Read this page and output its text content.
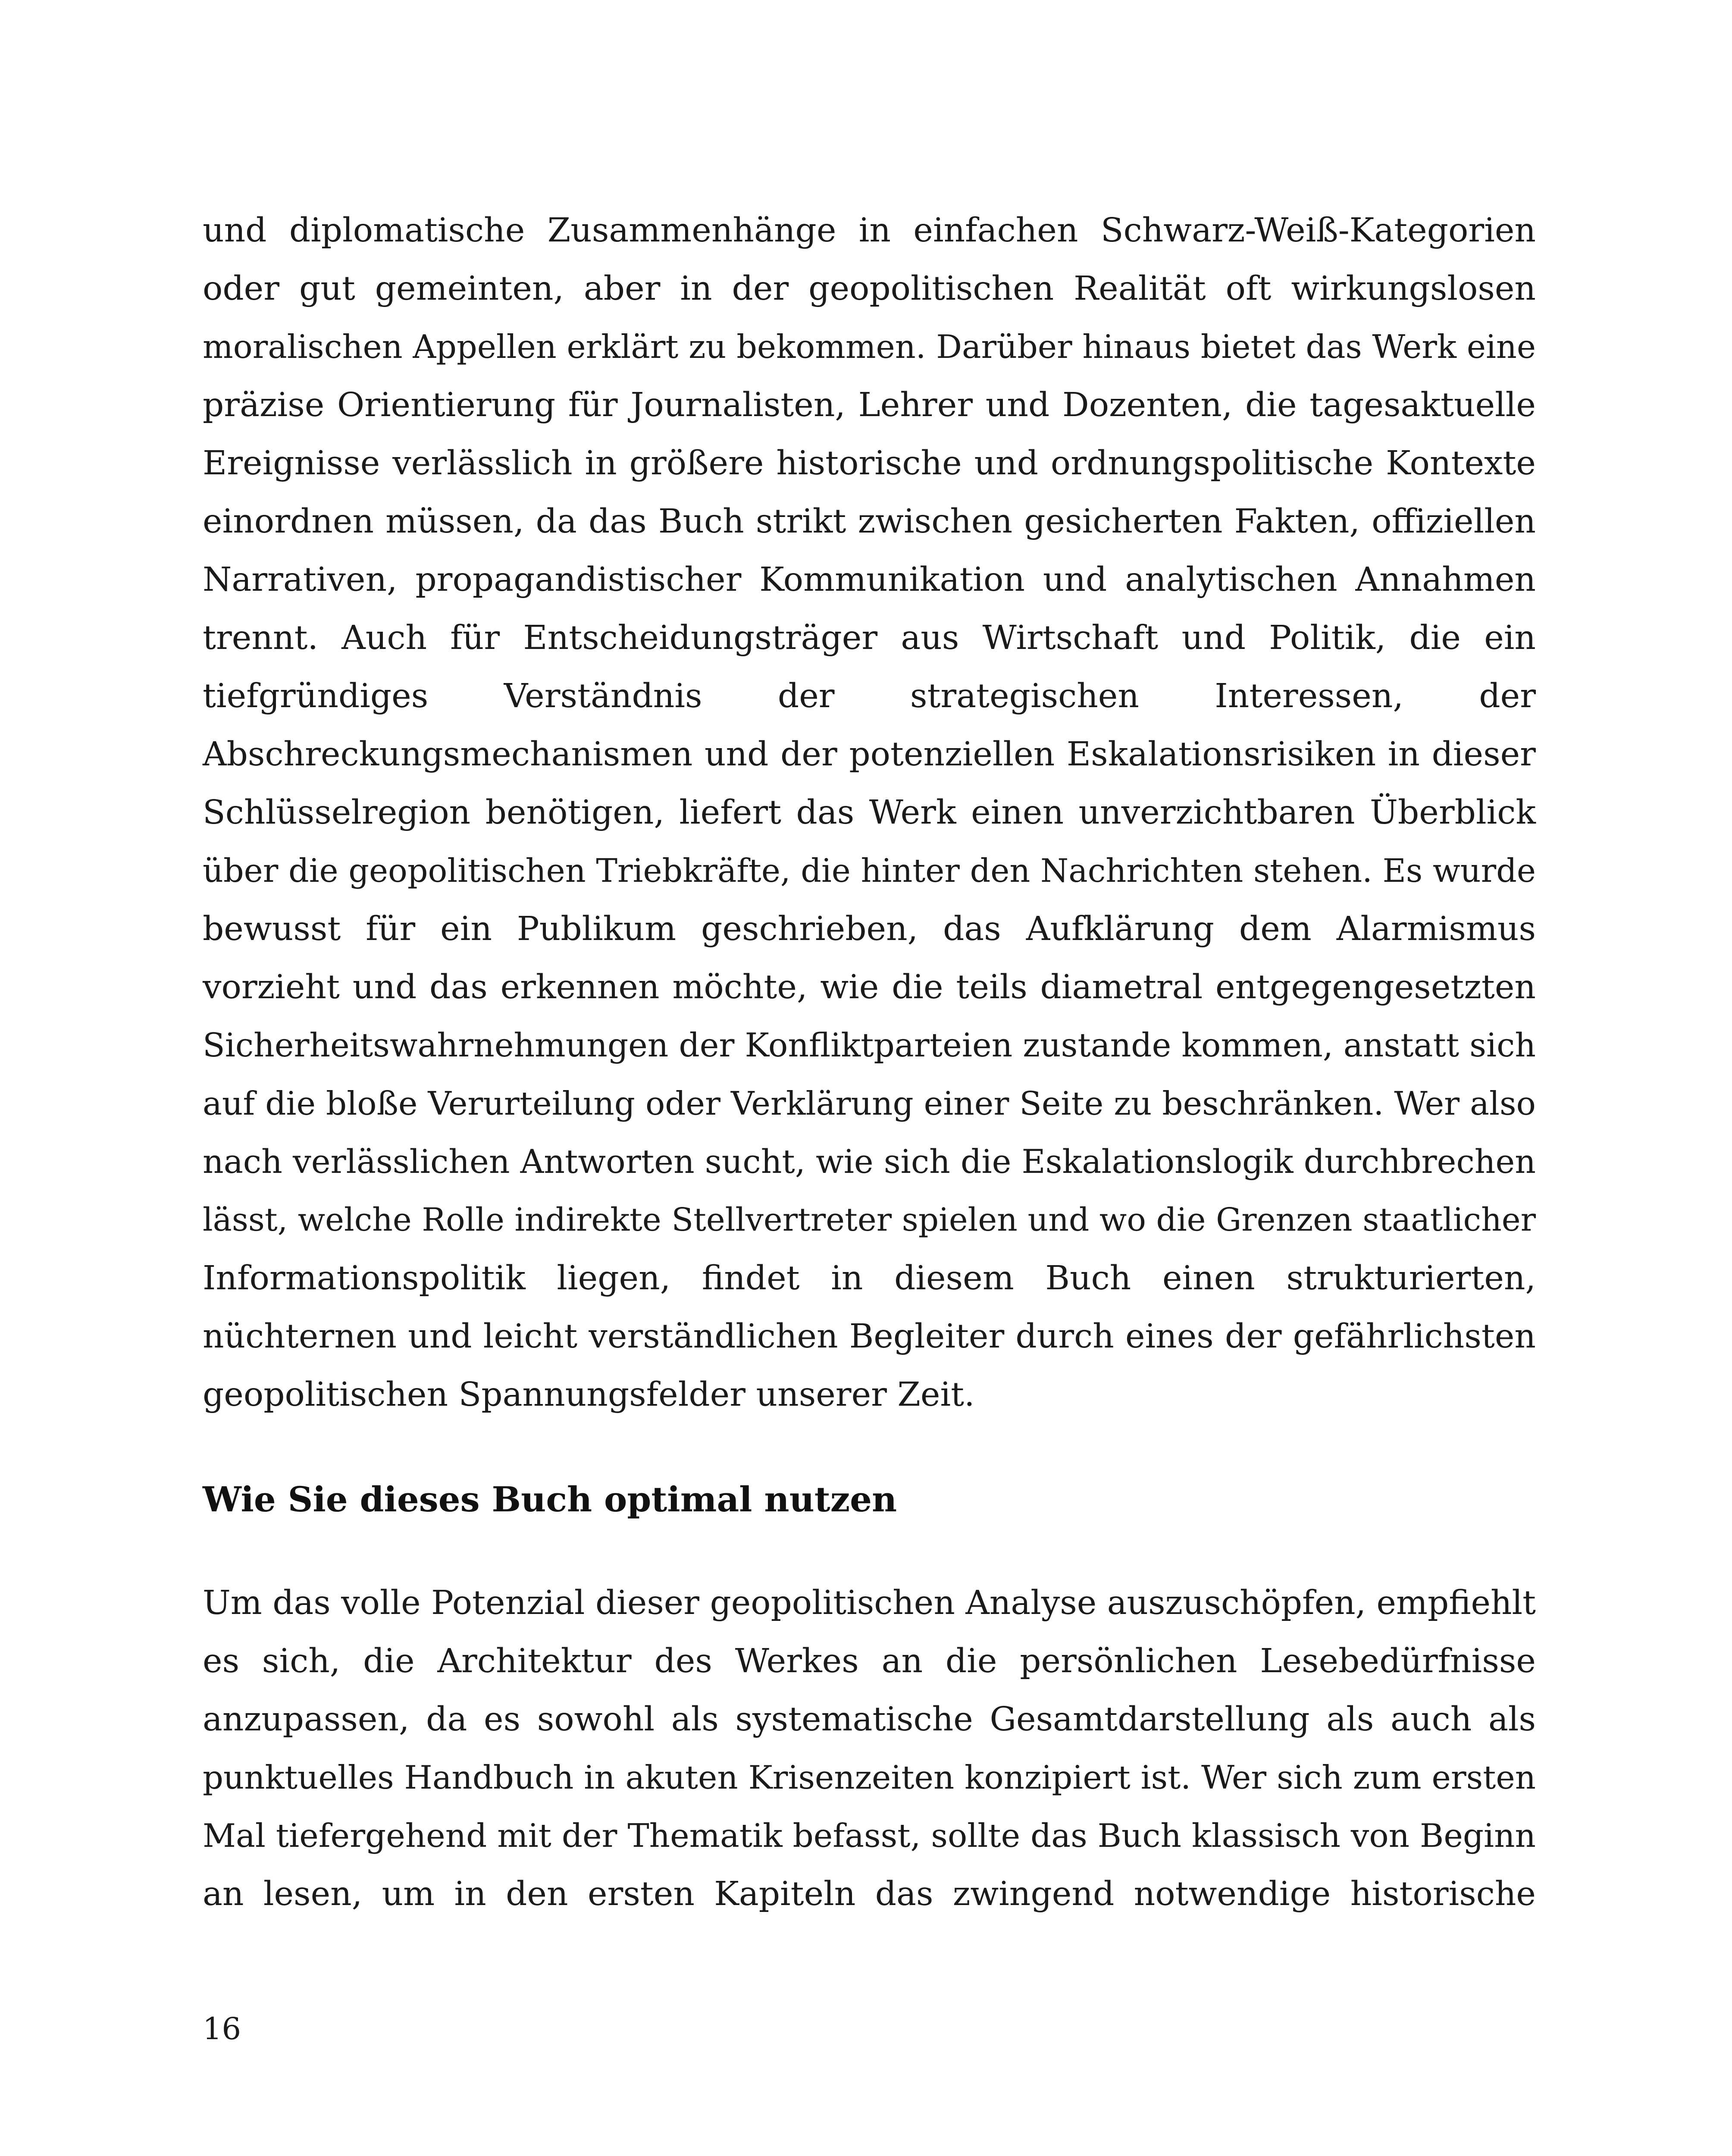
und diplomatische Zusammenhänge in einfachen Schwarz-Weiß-Kategorien
oder gut gemeinten, aber in der geopolitischen Realität oft wirkungslosen
moralischen Appellen erklärt zu bekommen. Darüber hinaus bietet das Werk eine
präzise Orientierung für Journalisten, Lehrer und Dozenten, die tagesaktuelle
Ereignisse verlässlich in größere historische und ordnungspolitische Kontexte
einordnen müssen, da das Buch strikt zwischen gesicherten Fakten, offiziellen
Narrativen, propagandistischer Kommunikation und analytischen Annahmen
trennt. Auch für Entscheidungsträger aus Wirtschaft und Politik, die ein
tiefgründiges Verständnis der strategischen Interessen, der
Abschreckungsmechanismen und der potenziellen Eskalationsrisiken in dieser
Schlüsselregion benötigen, liefert das Werk einen unverzichtbaren Überblick
über die geopolitischen Triebkräfte, die hinter den Nachrichten stehen. Es wurde
bewusst für ein Publikum geschrieben, das Aufklärung dem Alarmismus
vorzieht und das erkennen möchte, wie die teils diametral entgegengesetzten
Sicherheitswahrnehmungen der Konfliktparteien zustande kommen, anstatt sich
auf die bloße Verurteilung oder Verklärung einer Seite zu beschränken. Wer also
nach verlässlichen Antworten sucht, wie sich die Eskalationslogik durchbrechen
lässt, welche Rolle indirekte Stellvertreter spielen und wo die Grenzen staatlicher
Informationspolitik liegen, findet in diesem Buch einen strukturierten,
nüchternen und leicht verständlichen Begleiter durch eines der gefährlichsten
geopolitischen Spannungsfelder unserer Zeit.
Wie Sie dieses Buch optimal nutzen
Um das volle Potenzial dieser geopolitischen Analyse auszuschöpfen, empfiehlt
es sich, die Architektur des Werkes an die persönlichen Lesebedürfnisse
anzupassen, da es sowohl als systematische Gesamtdarstellung als auch als
punktuelles Handbuch in akuten Krisenzeiten konzipiert ist. Wer sich zum ersten
Mal tiefergehend mit der Thematik befasst, sollte das Buch klassisch von Beginn
an lesen, um in den ersten Kapiteln das zwingend notwendige historische
16
